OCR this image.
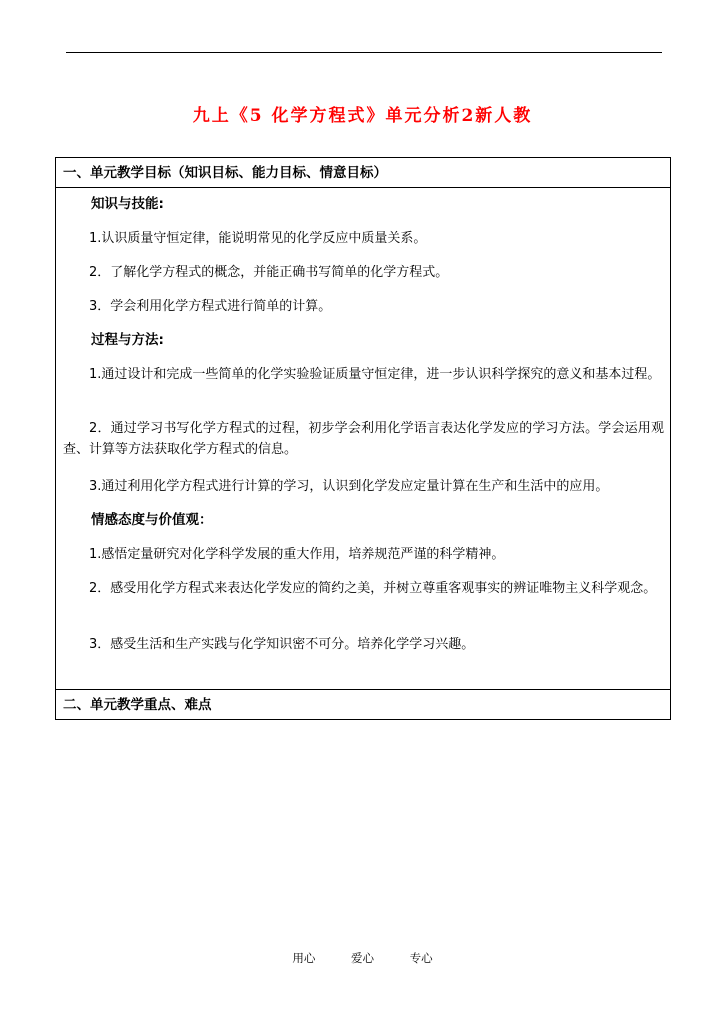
九上《5 化学方程式》单元分析2新人教
一、单元教学目标（知识目标、能力目标、情意目标）
知识与技能:
1.认识质量守恒定律，能说明常见的化学反应中质量关系。
2．了解化学方程式的概念，并能正确书写简单的化学方程式。
3．学会利用化学方程式进行简单的计算。
过程与方法:
1.通过设计和完成一些简单的化学实验验证质量守恒定律，进一步认识科学探究的意义和基本过程。
2．通过学习书写化学方程式的过程，初步学会利用化学语言表达化学发应的学习方法。学会运用观查、计算等方法获取化学方程式的信息。
3.通过利用化学方程式进行计算的学习，认识到化学发应定量计算在生产和生活中的应用。
情感态度与价值观：
1.感悟定量研究对化学科学发展的重大作用，培养规范严谨的科学精神。
2．感受用化学方程式来表达化学发应的简约之美，并树立尊重客观事实的辨证唯物主义科学观念。
3．感受生活和生产实践与化学知识密不可分。培养化学学习兴趣。
二、单元教学重点、难点
用心	爱心	专心
